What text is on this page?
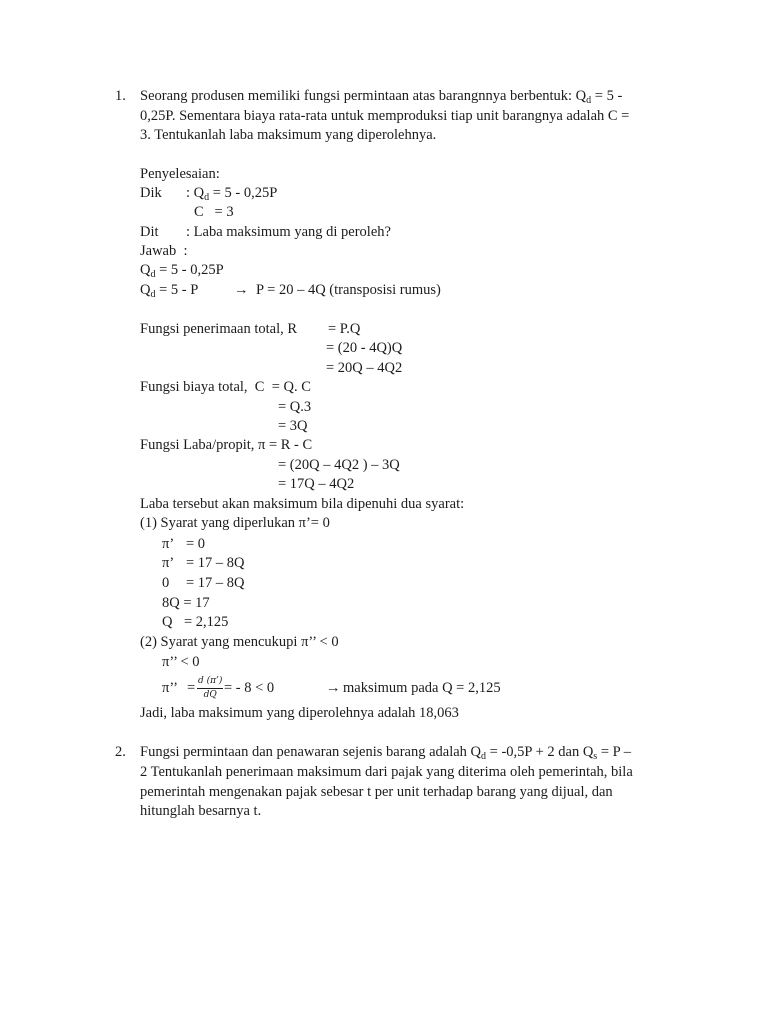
1. Seorang produsen memiliki fungsi permintaan atas barangnnya berbentuk: $Q_d = 5$ -
0,25P. Sementara biaya rata-rata untuk memproduksi tiap unit barangnya adalah C =
3. Tentukanlah laba maksimum yang diperolehnya.
Penyelesaian:
Dik : $Q_d = 5 - 0,25P$
C   = 3
Dit : Laba maksimum yang di peroleh?
Jawab  :
$Q_d = 5 - 0,25P$
$Q_d = 5 - P \to P = 20 - 4Q$ (transposisi rumus)
Fungsi penerimaan total, R = P.Q
= (20 - 4Q)Q
= 20Q – 4Q2
Fungsi biaya total,  C  = Q. C
= Q.3
= 3Q
Fungsi Laba/propit, π = R - C
= (20Q – 4Q2 ) – 3Q
= 17Q – 4Q2
Laba tersebut akan maksimum bila dipenuhi dua syarat:
(1) Syarat yang diperlukan π’= 0
π’ = 0
π’ = 17 – 8Q
0 = 17 – 8Q
8Q = 17
Q = 2,125
(2) Syarat yang mencukupi π’’ < 0
π’’ < 0
π’’ = $\frac{d (\pi’)}{dQ}$ = - 8 < 0	→ maksimum pada Q = 2,125
Jadi, laba maksimum yang diperolehnya adalah 18,063
2. Fungsi permintaan dan penawaran sejenis barang adalah $Q_d = -0,5P + 2$ dan $Q_s = P$ –
2 Tentukanlah penerimaan maksimum dari pajak yang diterima oleh pemerintah, bila
pemerintah mengenakan pajak sebesar t per unit terhadap barang yang dijual, dan
hitunglah besarnya t.
